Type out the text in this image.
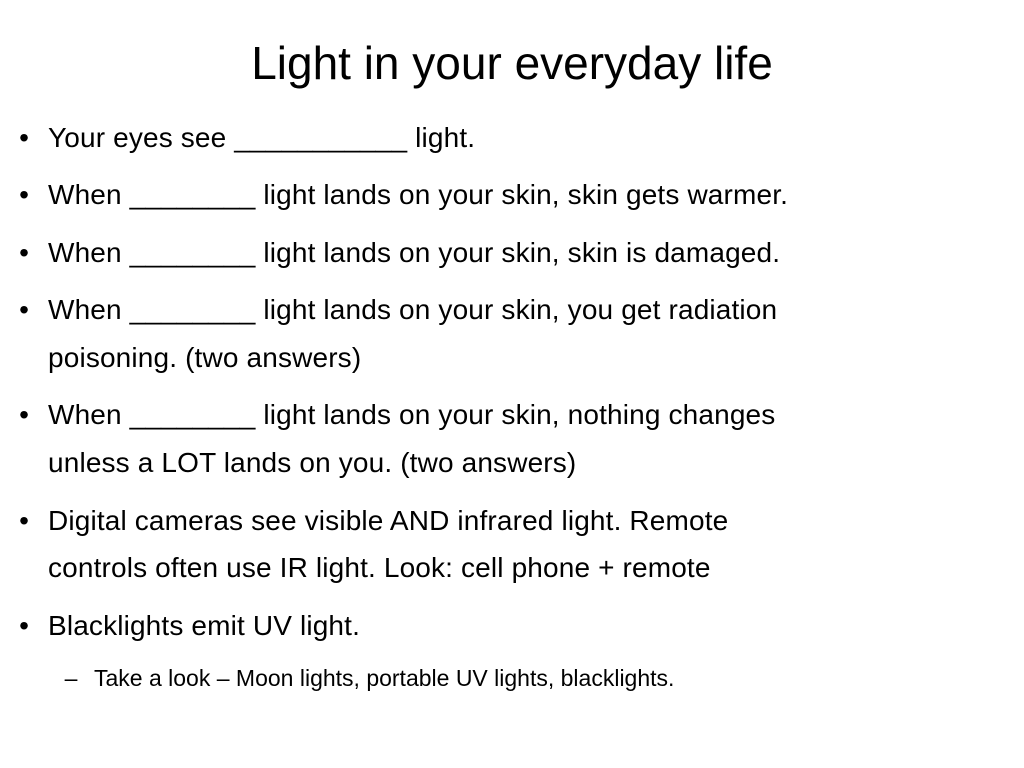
Light in your everyday life
• Your eyes see ___________ light.
• When ________ light lands on your skin, skin gets warmer.
• When ________ light lands on your skin, skin is damaged.
• When ________ light lands on your skin, you get radiation
poisoning. (two answers)
• When ________ light lands on your skin, nothing changes
unless a LOT lands on you. (two answers)
• Digital cameras see visible AND infrared light. Remote
controls often use IR light. Look: cell phone + remote
• Blacklights emit UV light.
– Take a look – Moon lights, portable UV lights, blacklights.
